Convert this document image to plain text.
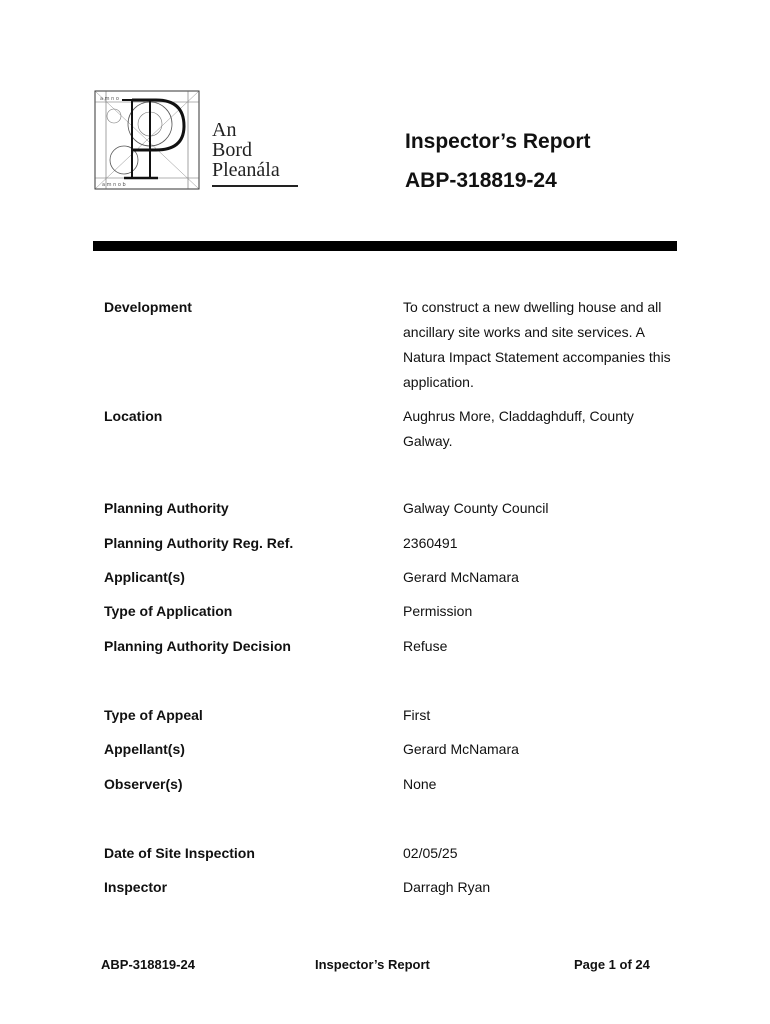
a m n o
a m n o b
An
Bord
Pleanála
Inspector’s Report
ABP-318819-24
Development	To construct a new dwelling house and all ancillary site works and site services. A Natura Impact Statement accompanies this application.
Location	Aughrus More, Claddaghduff, County Galway.
Planning Authority	Galway County Council
Planning Authority Reg. Ref.	2360491
Applicant(s)	Gerard McNamara
Type of Application	Permission
Planning Authority Decision	Refuse
Type of Appeal	First
Appellant(s)	Gerard McNamara
Observer(s)	None
Date of Site Inspection	02/05/25
Inspector	Darragh Ryan
ABP-318819-24	Inspector’s Report	Page 1 of 24
